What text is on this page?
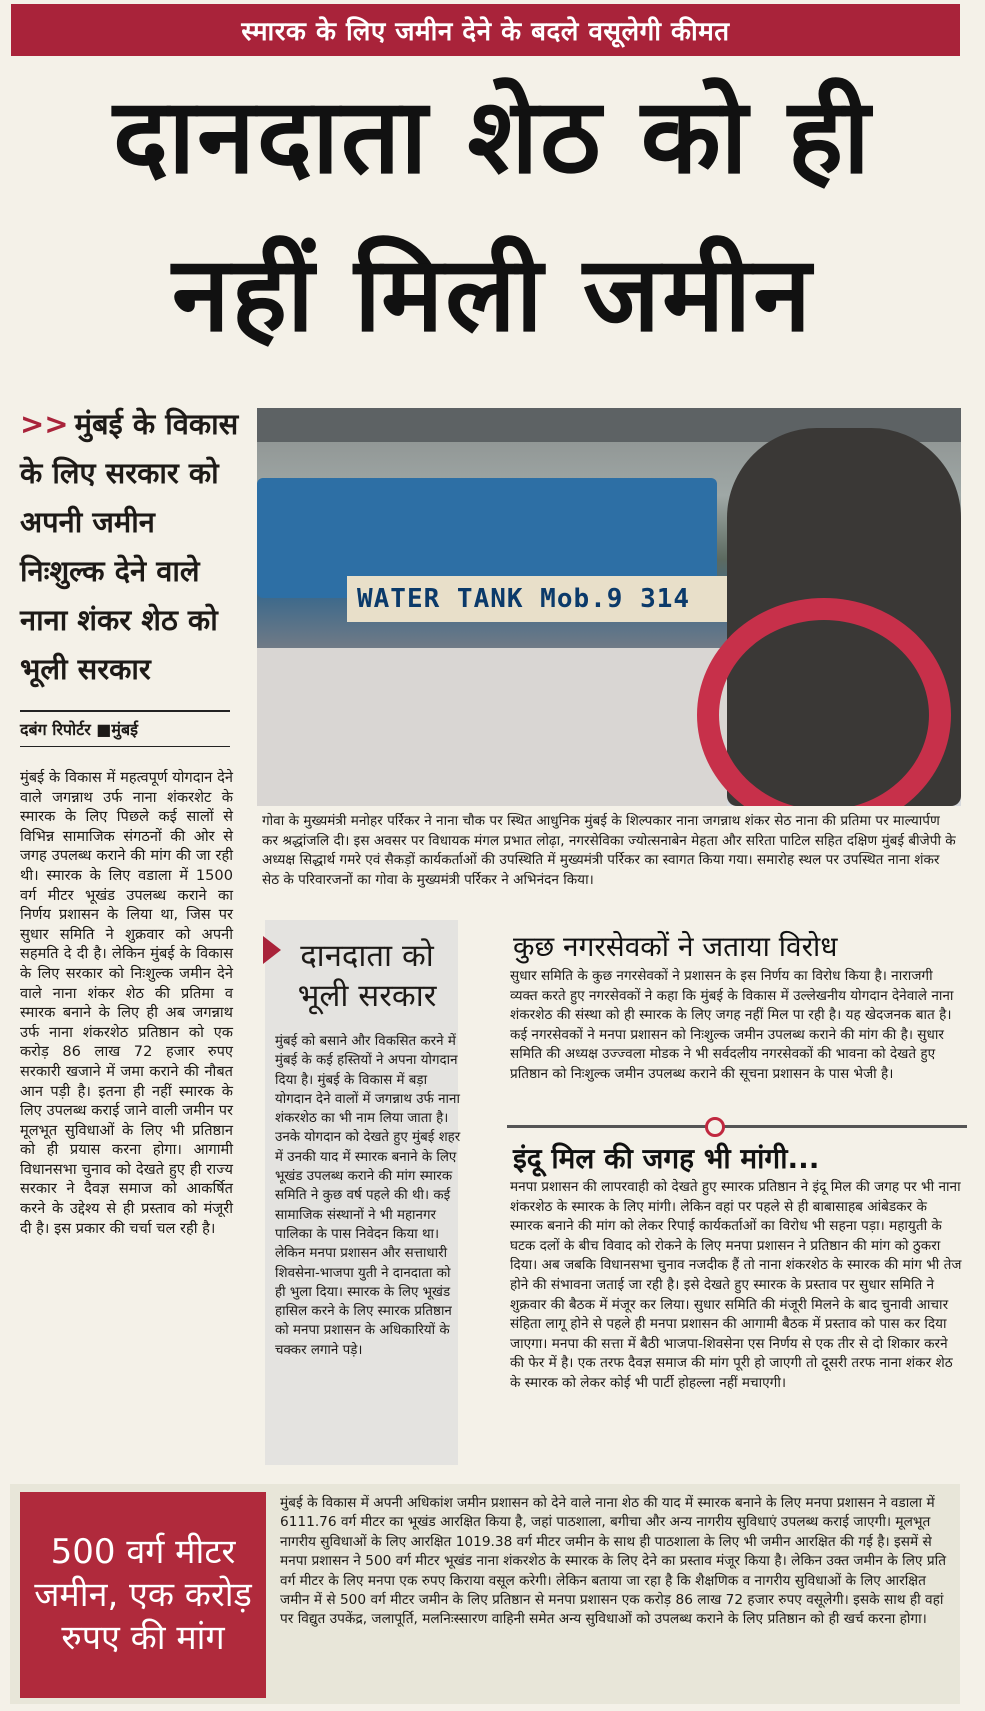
स्मारक के लिए जमीन देने के बदले वसूलेगी कीमत
दानदाता शेठ को ही
नहीं मिली जमीन
>> मुंबई के विकास के लिए सरकार को अपनी जमीन निःशुल्क देने वाले नाना शंकर शेठ को भूली सरकार
दबंग रिपोर्टर ■मुंबई
मुंबई के विकास में महत्वपूर्ण योगदान देने वाले जगन्नाथ उर्फ नाना शंकरशेट के स्मारक के लिए पिछले कई सालों से विभिन्न सामाजिक संगठनों की ओर से जगह उपलब्ध कराने की मांग की जा रही थी। स्मारक के लिए वडाला में 1500 वर्ग मीटर भूखंड उपलब्ध कराने का निर्णय प्रशासन के लिया था, जिस पर सुधार समिति ने शुक्रवार को अपनी सहमति दे दी है। लेकिन मुंबई के विकास के लिए सरकार को निःशुल्क जमीन देने वाले नाना शंकर शेठ की प्रतिमा व स्मारक बनाने के लिए ही अब जगन्नाथ उर्फ नाना शंकरशेठ प्रतिष्ठान को एक करोड़ 86 लाख 72 हजार रुपए सरकारी खजाने में जमा कराने की नौबत आन पड़ी है। इतना ही नहीं स्मारक के लिए उपलब्ध कराई जाने वाली जमीन पर मूलभूत सुविधाओं के लिए भी प्रतिष्ठान को ही प्रयास करना होगा। आगामी विधानसभा चुनाव को देखते हुए ही राज्य सरकार ने दैवज्ञ समाज को आकर्षित करने के उद्देश्य से ही प्रस्ताव को मंजूरी दी है। इस प्रकार की चर्चा चल रही है।
WATER TANK Mob.9 314
गोवा के मुख्यमंत्री मनोहर पर्रिकर ने नाना चौक पर स्थित आधुनिक मुंबई के शिल्पकार नाना जगन्नाथ शंकर सेठ नाना की प्रतिमा पर माल्यार्पण कर श्रद्धांजलि दी। इस अवसर पर विधायक मंगल प्रभात लोढ़ा, नगरसेविका ज्योत्सनाबेन मेहता और सरिता पाटिल सहित दक्षिण मुंबई बीजेपी के अध्यक्ष सिद्धार्थ गमरे एवं सैकड़ों कार्यकर्ताओं की उपस्थिति में मुख्यमंत्री पर्रिकर का स्वागत किया गया। समारोह स्थल पर उपस्थित नाना शंकर सेठ के परिवारजनों का गोवा के मुख्यमंत्री पर्रिकर ने अभिनंदन किया।
दानदाता को भूली सरकार
मुंबई को बसाने और विकसित करने में मुंबई के कई हस्तियों ने अपना योगदान दिया है। मुंबई के विकास में बड़ा योगदान देने वालों में जगन्नाथ उर्फ नाना शंकरशेठ का भी नाम लिया जाता है। उनके योगदान को देखते हुए मुंबई शहर में उनकी याद में स्मारक बनाने के लिए भूखंड उपलब्ध कराने की मांग स्मारक समिति ने कुछ वर्ष पहले की थी। कई सामाजिक संस्थानों ने भी महानगर पालिका के पास निवेदन किया था। लेकिन मनपा प्रशासन और सत्ताधारी शिवसेना-भाजपा युती ने दानदाता को ही भुला दिया। स्मारक के लिए भूखंड हासिल करने के लिए स्मारक प्रतिष्ठान को मनपा प्रशासन के अधिकारियों के चक्कर लगाने पड़े।
कुछ नगरसेवकों ने जताया विरोध
सुधार समिति के कुछ नगरसेवकों ने प्रशासन के इस निर्णय का विरोध किया है। नाराजगी व्यक्त करते हुए नगरसेवकों ने कहा कि मुंबई के विकास में उल्लेखनीय योगदान देनेवाले नाना शंकरशेठ की संस्था को ही स्मारक के लिए जगह नहीं मिल पा रही है। यह खेदजनक बात है। कई नगरसेवकों ने मनपा प्रशासन को निःशुल्क जमीन उपलब्ध कराने की मांग की है। सुधार समिति की अध्यक्ष उज्ज्वला मोडक ने भी सर्वदलीय नगरसेवकों की भावना को देखते हुए प्रतिष्ठान को निःशुल्क जमीन उपलब्ध कराने की सूचना प्रशासन के पास भेजी है।
इंदू मिल की जगह भी मांगी...
मनपा प्रशासन की लापरवाही को देखते हुए स्मारक प्रतिष्ठान ने इंदू मिल की जगह पर भी नाना शंकरशेठ के स्मारक के लिए मांगी। लेकिन वहां पर पहले से ही बाबासाहब आंबेडकर के स्मारक बनाने की मांग को लेकर रिपाई कार्यकर्ताओं का विरोध भी सहना पड़ा। महायुती के घटक दलों के बीच विवाद को रोकने के लिए मनपा प्रशासन ने प्रतिष्ठान की मांग को ठुकरा दिया। अब जबकि विधानसभा चुनाव नजदीक हैं तो नाना शंकरशेठ के स्मारक की मांग भी तेज होने की संभावना जताई जा रही है। इसे देखते हुए स्मारक के प्रस्ताव पर सुधार समिति ने शुक्रवार की बैठक में मंजूर कर लिया। सुधार समिति की मंजूरी मिलने के बाद चुनावी आचार संहिता लागू होने से पहले ही मनपा प्रशासन की आगामी बैठक में प्रस्ताव को पास कर दिया जाएगा। मनपा की सत्ता में बैठी भाजपा-शिवसेना एस निर्णय से एक तीर से दो शिकार करने की फेर में है। एक तरफ दैवज्ञ समाज की मांग पूरी हो जाएगी तो दूसरी तरफ नाना शंकर शेठ के स्मारक को लेकर कोई भी पार्टी होहल्ला नहीं मचाएगी।
500 वर्ग मीटर जमीन, एक करोड़ रुपए की मांग
मुंबई के विकास में अपनी अधिकांश जमीन प्रशासन को देने वाले नाना शेठ की याद में स्मारक बनाने के लिए मनपा प्रशासन ने वडाला में 6111.76 वर्ग मीटर का भूखंड आरक्षित किया है, जहां पाठशाला, बगीचा और अन्य नागरीय सुविधाएं उपलब्ध कराई जाएगी। मूलभूत नागरीय सुविधाओं के लिए आरक्षित 1019.38 वर्ग मीटर जमीन के साथ ही पाठशाला के लिए भी जमीन आरक्षित की गई है। इसमें से मनपा प्रशासन ने 500 वर्ग मीटर भूखंड नाना शंकरशेठ के स्मारक के लिए देने का प्रस्ताव मंजूर किया है। लेकिन उक्त जमीन के लिए प्रति वर्ग मीटर के लिए मनपा एक रुपए किराया वसूल करेगी। लेकिन बताया जा रहा है कि शैक्षणिक व नागरीय सुविधाओं के लिए आरक्षित जमीन में से 500 वर्ग मीटर जमीन के लिए प्रतिष्ठान से मनपा प्रशासन एक करोड़ 86 लाख 72 हजार रुपए वसूलेगी। इसके साथ ही वहां पर विद्युत उपकेंद्र, जलापूर्ति, मलनिःस्सारण वाहिनी समेत अन्य सुविधाओं को उपलब्ध कराने के लिए प्रतिष्ठान को ही खर्च करना होगा।
